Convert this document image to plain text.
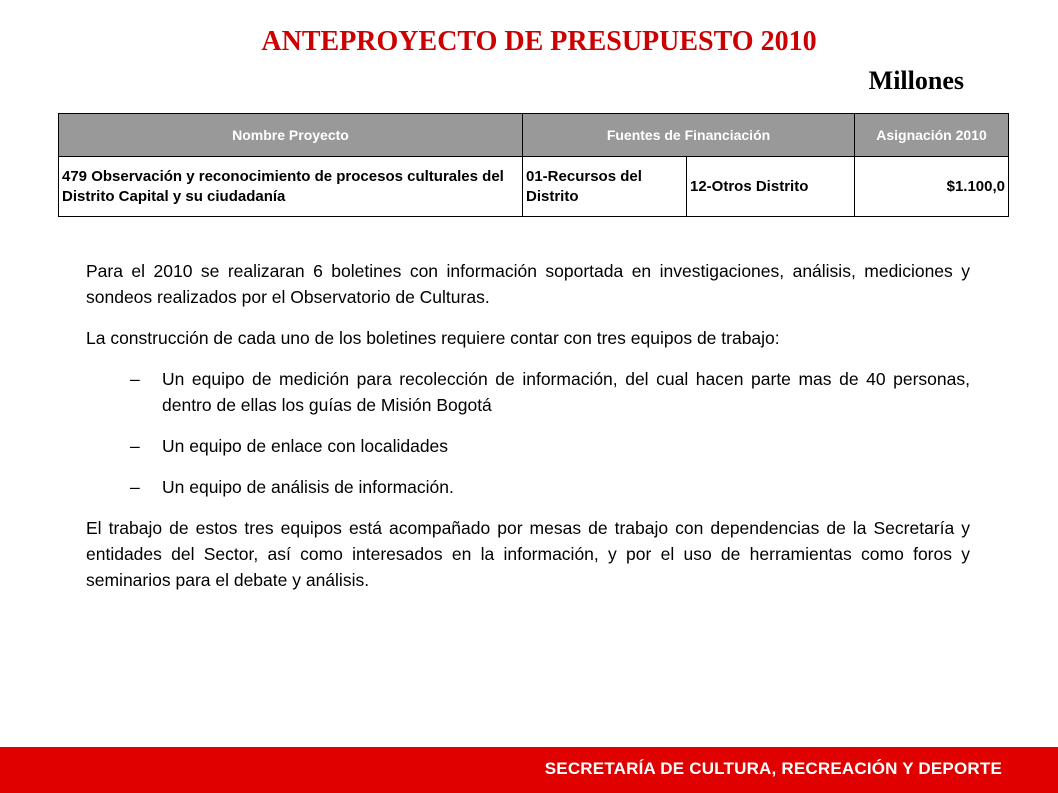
ANTEPROYECTO DE PRESUPUESTO 2010
Millones
Nombre Proyecto	Fuentes de Financiación		Asignación 2010
479 Observación y reconocimiento de procesos culturales del Distrito Capital y su ciudadanía	01-Recursos del Distrito	12-Otros Distrito	$1.100,0

Para el 2010 se realizaran 6 boletines con información soportada en investigaciones, análisis, mediciones y sondeos realizados por el Observatorio de Culturas.

La construcción de cada uno de los boletines requiere contar con tres equipos de trabajo:

– Un equipo de medición para recolección de información, del cual hacen parte mas de 40 personas, dentro de ellas los guías de Misión Bogotá
– Un equipo de enlace con localidades
– Un equipo de análisis de información.

El trabajo de estos tres equipos está acompañado por mesas de trabajo con dependencias de la Secretaría y entidades del Sector, así como interesados en la información, y por el uso de herramientas como foros y seminarios para el debate y análisis.

SECRETARÍA DE CULTURA, RECREACIÓN Y DEPORTE
